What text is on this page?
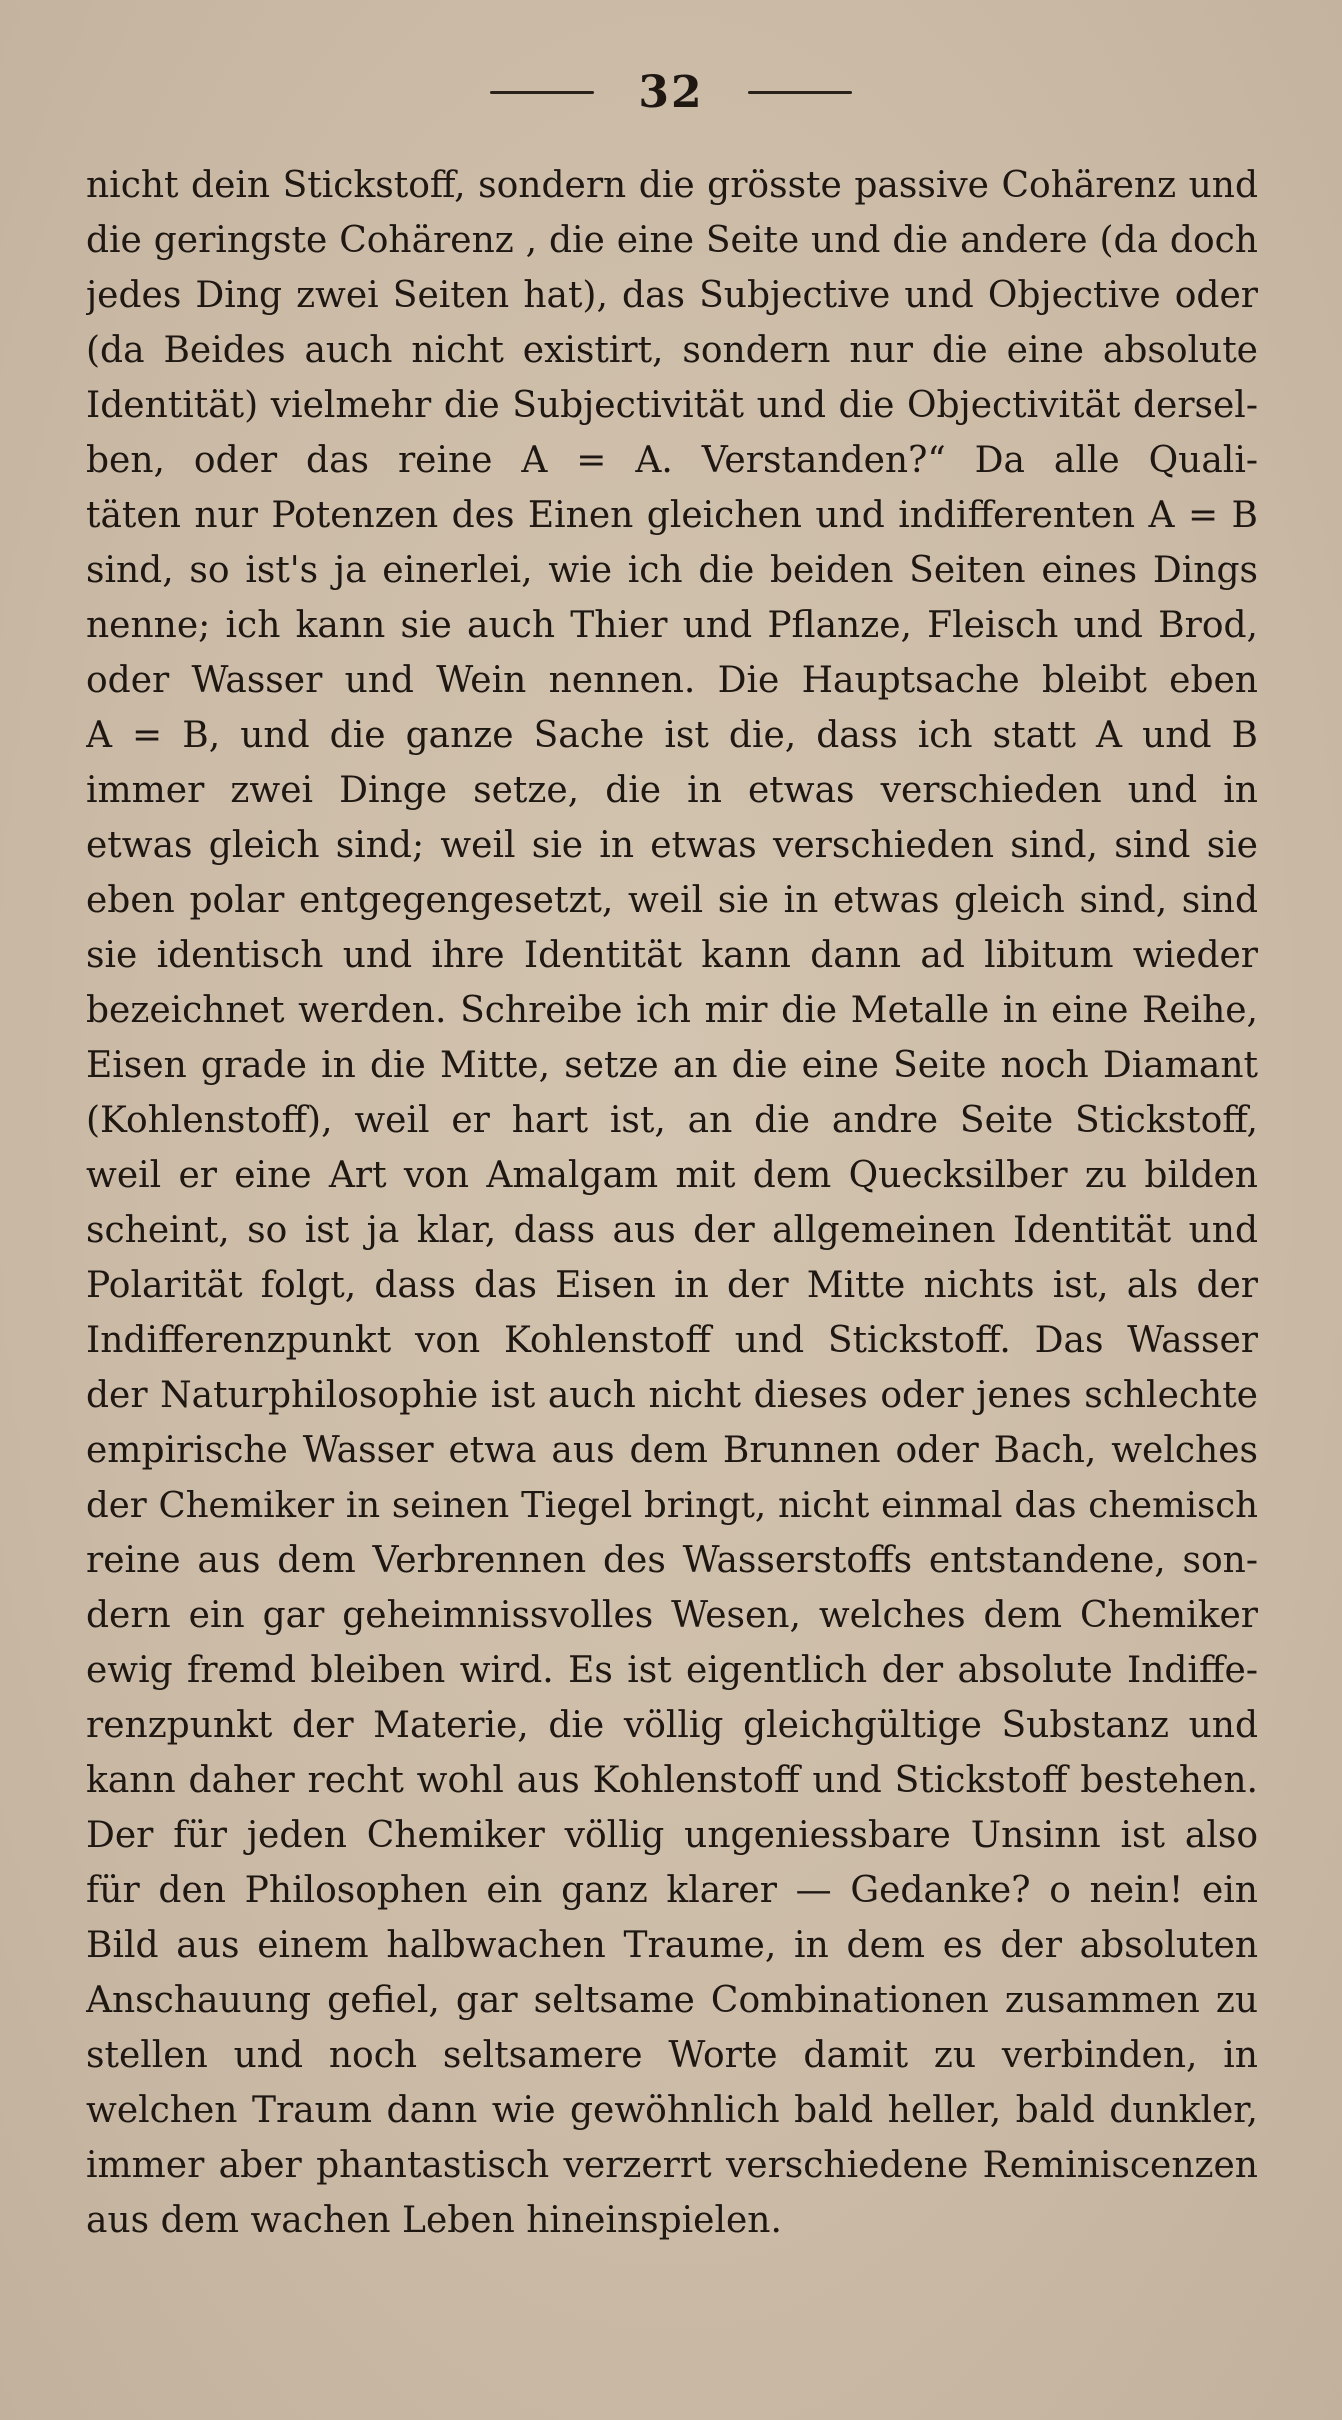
32
nicht dein Stickstoff, sondern die grösste passive Cohärenz und
die geringste Cohärenz , die eine Seite und die andere (da doch
jedes Ding zwei Seiten hat), das Subjective und Objective oder
(da Beides auch nicht existirt, sondern nur die eine absolute
Identität) vielmehr die Subjectivität und die Objectivität dersel-
ben, oder das reine A = A. Verstanden?“ Da alle Quali-
täten nur Potenzen des Einen gleichen und indifferenten A = B
sind, so ist's ja einerlei, wie ich die beiden Seiten eines Dings
nenne; ich kann sie auch Thier und Pflanze, Fleisch und Brod,
oder Wasser und Wein nennen. Die Hauptsache bleibt eben
A = B, und die ganze Sache ist die, dass ich statt A und B
immer zwei Dinge setze, die in etwas verschieden und in
etwas gleich sind; weil sie in etwas verschieden sind, sind sie
eben polar entgegengesetzt, weil sie in etwas gleich sind, sind
sie identisch und ihre Identität kann dann ad libitum wieder
bezeichnet werden. Schreibe ich mir die Metalle in eine Reihe,
Eisen grade in die Mitte, setze an die eine Seite noch Diamant
(Kohlenstoff), weil er hart ist, an die andre Seite Stickstoff,
weil er eine Art von Amalgam mit dem Quecksilber zu bilden
scheint, so ist ja klar, dass aus der allgemeinen Identität und
Polarität folgt, dass das Eisen in der Mitte nichts ist, als der
Indifferenzpunkt von Kohlenstoff und Stickstoff. Das Wasser
der Naturphilosophie ist auch nicht dieses oder jenes schlechte
empirische Wasser etwa aus dem Brunnen oder Bach, welches
der Chemiker in seinen Tiegel bringt, nicht einmal das chemisch
reine aus dem Verbrennen des Wasserstoffs entstandene, son-
dern ein gar geheimnissvolles Wesen, welches dem Chemiker
ewig fremd bleiben wird. Es ist eigentlich der absolute Indiffe-
renzpunkt der Materie, die völlig gleichgültige Substanz und
kann daher recht wohl aus Kohlenstoff und Stickstoff bestehen.
Der für jeden Chemiker völlig ungeniessbare Unsinn ist also
für den Philosophen ein ganz klarer — Gedanke? o nein! ein
Bild aus einem halbwachen Traume, in dem es der absoluten
Anschauung gefiel, gar seltsame Combinationen zusammen zu
stellen und noch seltsamere Worte damit zu verbinden, in
welchen Traum dann wie gewöhnlich bald heller, bald dunkler,
immer aber phantastisch verzerrt verschiedene Reminiscenzen
aus dem wachen Leben hineinspielen.
